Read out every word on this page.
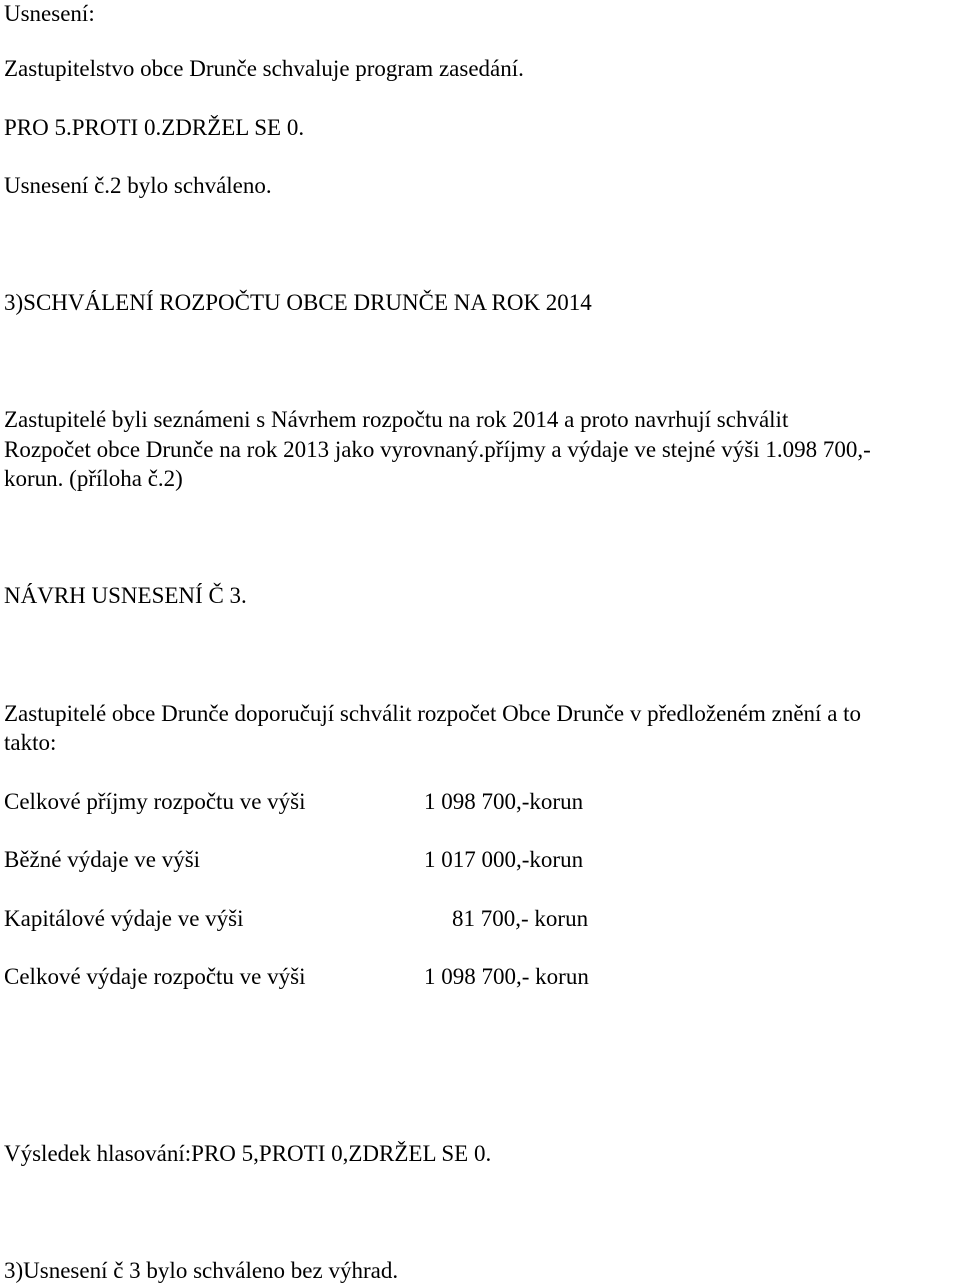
Usnesení:
Zastupitelstvo obce Drunče schvaluje program zasedání.
PRO 5.PROTI 0.ZDRŽEL SE 0.
Usnesení č.2 bylo schváleno.
3)SCHVÁLENÍ ROZPOČTU OBCE DRUNČE NA ROK 2014
Zastupitelé byli seznámeni s Návrhem rozpočtu na rok 2014 a proto navrhují schválit
Rozpočet obce Drunče na rok 2013 jako vyrovnaný.příjmy a výdaje ve stejné výši 1.098 700,-
korun. (příloha č.2)
NÁVRH USNESENÍ Č 3.
Zastupitelé obce Drunče doporučují schválit rozpočet Obce Drunče v předloženém znění a to
takto:
Celkové příjmy rozpočtu ve výši	1 098 700,-korun
Běžné výdaje ve výši	1 017 000,-korun
Kapitálové výdaje ve výši	81 700,- korun
Celkové výdaje rozpočtu ve výši	1 098 700,- korun
Výsledek hlasování:PRO 5,PROTI 0,ZDRŽEL SE 0.
3)Usnesení č 3 bylo schváleno bez výhrad.
